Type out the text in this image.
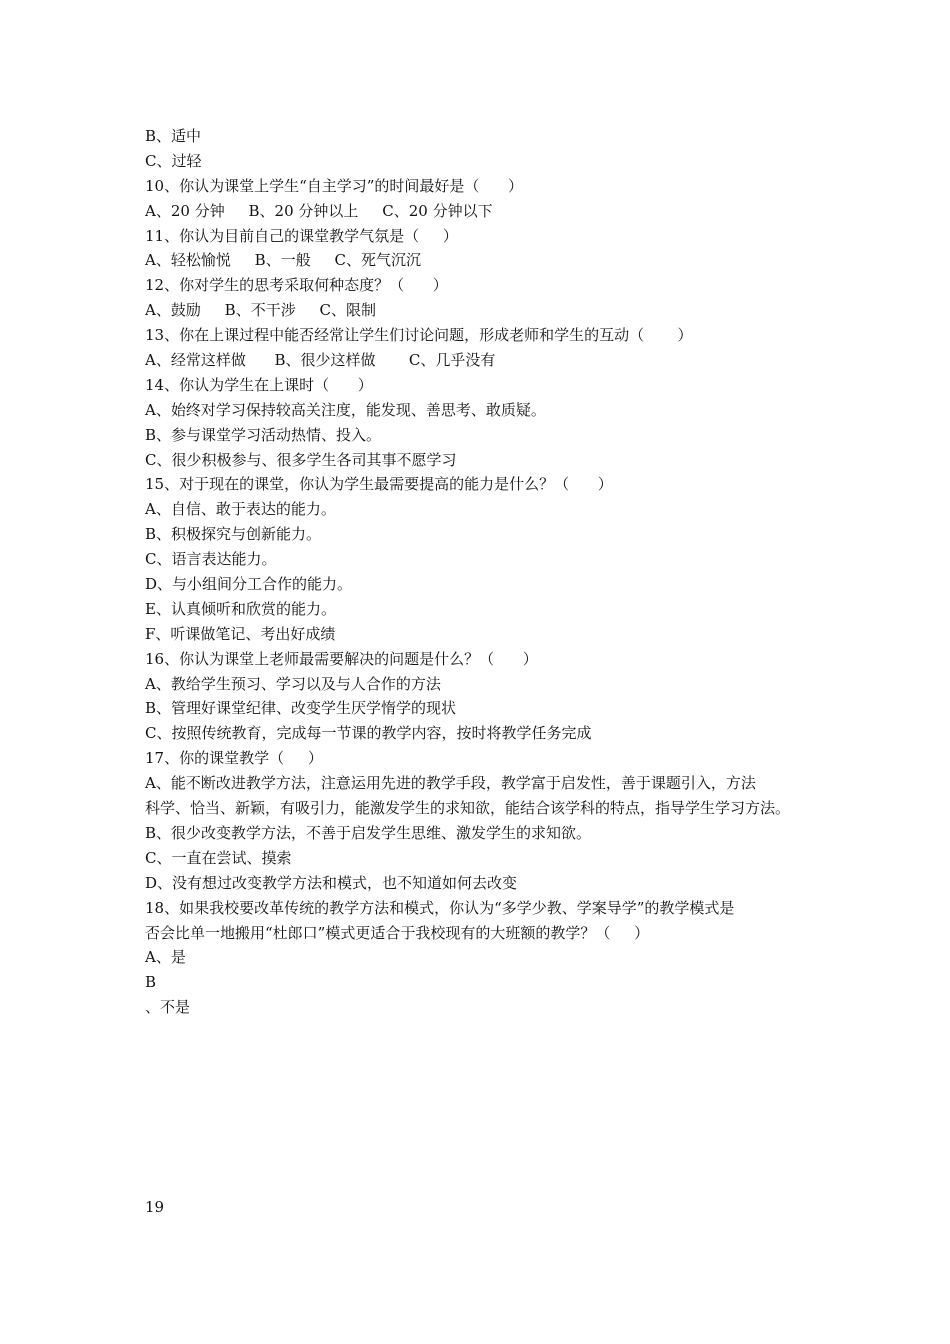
B、适中
C、过轻
10、你认为课堂上学生“自主学习”的时间最好是（      ）
A、20 分钟     B、20 分钟以上     C、20 分钟以下
11、你认为目前自己的课堂教学气氛是（     ）
A、轻松愉悦     B、一般     C、死气沉沉
12、你对学生的思考采取何种态度？（      ）
A、鼓励     B、不干涉     C、限制
13、你在上课过程中能否经常让学生们讨论问题，形成老师和学生的互动（       ）
A、经常这样做      B、很少这样做       C、几乎没有
14、你认为学生在上课时（      ）
A、始终对学习保持较高关注度，能发现、善思考、敢质疑。
B、参与课堂学习活动热情、投入。
C、很少积极参与、很多学生各司其事不愿学习
15、对于现在的课堂，你认为学生最需要提高的能力是什么？（      ）
A、自信、敢于表达的能力。
B、积极探究与创新能力。
C、语言表达能力。
D、与小组间分工合作的能力。
E、认真倾听和欣赏的能力。
F、听课做笔记、考出好成绩
16、你认为课堂上老师最需要解决的问题是什么？（      ）
A、教给学生预习、学习以及与人合作的方法
B、管理好课堂纪律、改变学生厌学惰学的现状
C、按照传统教育，完成每一节课的教学内容，按时将教学任务完成
17、你的课堂教学（     ）
A、能不断改进教学方法，注意运用先进的教学手段，教学富于启发性，善于课题引入，方法
科学、恰当、新颖，有吸引力，能激发学生的求知欲，能结合该学科的特点，指导学生学习方法。
B、很少改变教学方法，不善于启发学生思维、激发学生的求知欲。
C、一直在尝试、摸索
D、没有想过改变教学方法和模式，也不知道如何去改变
18、如果我校要改革传统的教学方法和模式，你认为“多学少教、学案导学”的教学模式是
否会比单一地搬用“杜郎口”模式更适合于我校现有的大班额的教学？（     ）
A、是
B
、不是
19
